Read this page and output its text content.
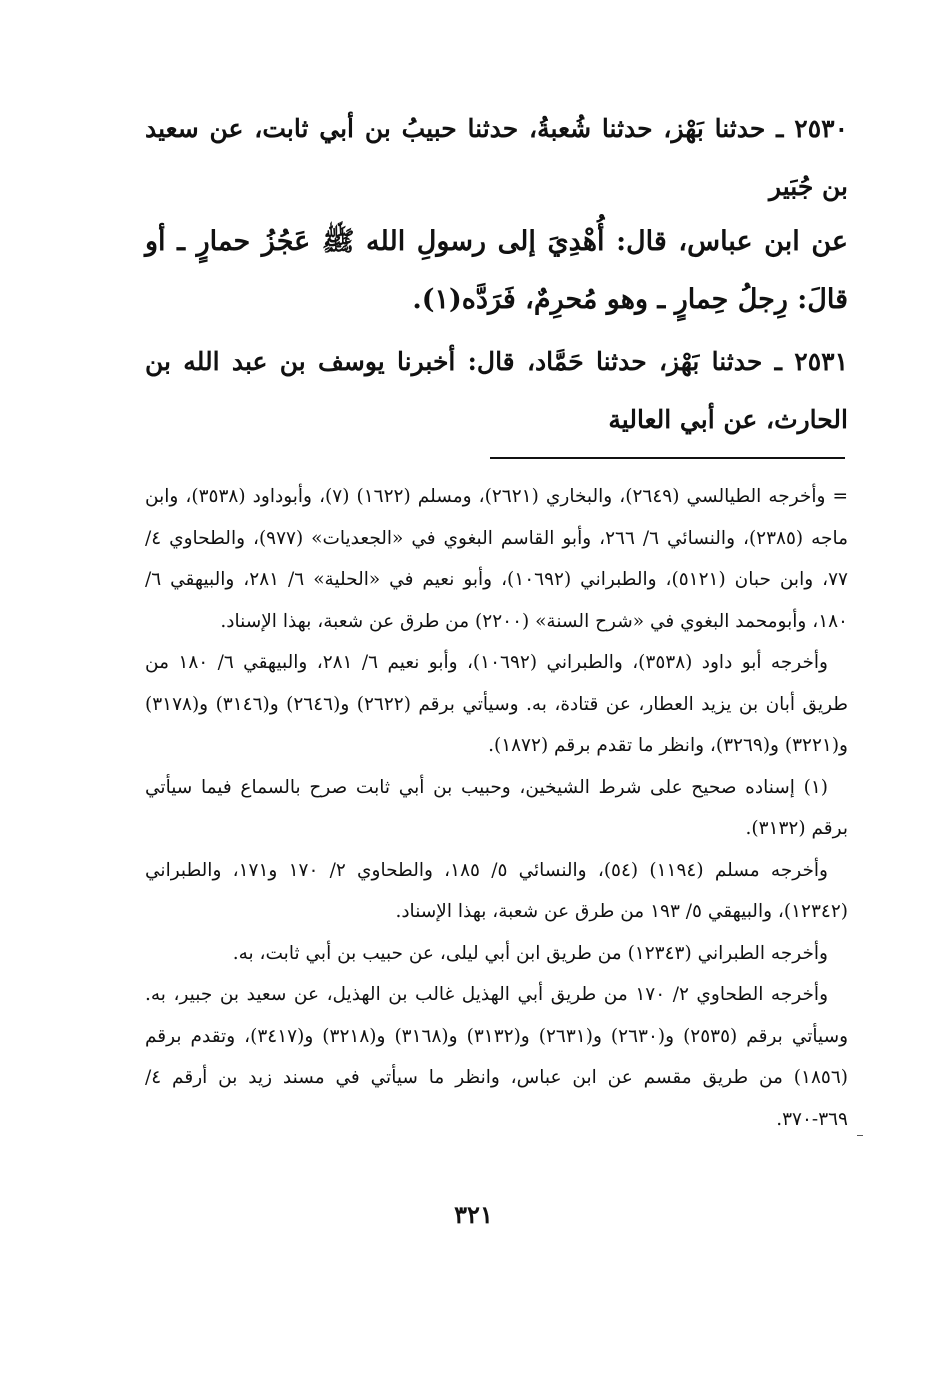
٢٥٣٠ ـ حدثنا بَهْز، حدثنا شُعبةُ، حدثنا حبيبُ بن أبي ثابت، عن سعيد بن جُبَير
عن ابن عباس، قال: أُهْدِيَ إلى رسولِ الله ﷺ عَجُزُ حمارٍ ـ أو قالَ: رِجلُ حِمارٍ ـ وهو مُحرِمٌ، فَرَدَّه(١).
٢٥٣١ ـ حدثنا بَهْز، حدثنا حَمَّاد، قال: أخبرنا يوسف بن عبد الله بن الحارث، عن أبي العالية

= وأخرجه الطيالسي (٢٦٤٩)، والبخاري (٢٦٢١)، ومسلم (١٦٢٢) (٧)، وأبوداود (٣٥٣٨)، وابن ماجه (٢٣٨٥)، والنسائي ٦/ ٢٦٦، وأبو القاسم البغوي في «الجعديات» (٩٧٧)، والطحاوي ٤/ ٧٧، وابن حبان (٥١٢١)، والطبراني (١٠٦٩٢)، وأبو نعيم في «الحلية» ٦/ ٢٨١، والبيهقي ٦/ ١٨٠، وأبومحمد البغوي في «شرح السنة» (٢٢٠٠) من طرق عن شعبة، بهذا الإسناد.

وأخرجه أبو داود (٣٥٣٨)، والطبراني (١٠٦٩٢)، وأبو نعيم ٦/ ٢٨١، والبيهقي ٦/ ١٨٠ من طريق أبان بن يزيد العطار، عن قتادة، به. وسيأتي برقم (٢٦٢٢) و(٢٦٤٦) و(٣١٤٦) و(٣١٧٨) و(٣٢٢١) و(٣٢٦٩)، وانظر ما تقدم برقم (١٨٧٢).

(١) إسناده صحيح على شرط الشيخين، وحبيب بن أبي ثابت صرح بالسماع فيما سيأتي برقم (٣١٣٢).

وأخرجه مسلم (١١٩٤) (٥٤)، والنسائي ٥/ ١٨٥، والطحاوي ٢/ ١٧٠ و١٧١، والطبراني (١٢٣٤٢)، والبيهقي ٥/ ١٩٣ من طرق عن شعبة، بهذا الإسناد.

وأخرجه الطبراني (١٢٣٤٣) من طريق ابن أبي ليلى، عن حبيب بن أبي ثابت، به.

وأخرجه الطحاوي ٢/ ١٧٠ من طريق أبي الهذيل غالب بن الهذيل، عن سعيد بن جبير، به. وسيأتي برقم (٢٥٣٥) و(٢٦٣٠) و(٢٦٣١) و(٣١٣٢) و(٣١٦٨) و(٣٢١٨) و(٣٤١٧)، وتقدم برقم (١٨٥٦) من طريق مقسم عن ابن عباس، وانظر ما سيأتي في مسند زيد بن أرقم ٤/ ٣٦٩-٣٧٠.

٣٢١
